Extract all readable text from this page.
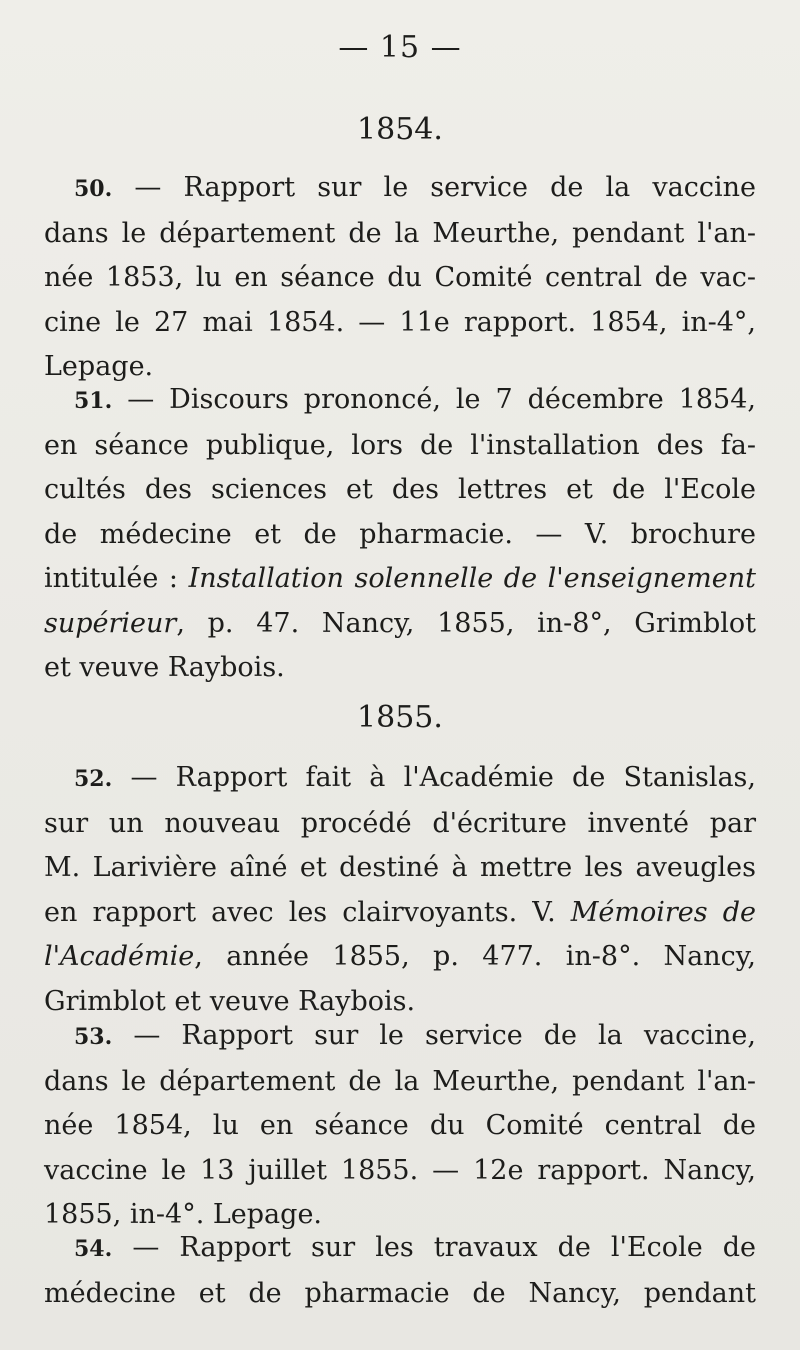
— 15 —
1854.
50. — Rapport sur le service de la vaccine
dans le département de la Meurthe, pendant l'an-
née 1853, lu en séance du Comité central de vac-
cine le 27 mai 1854. — 11e rapport. 1854, in-4°,
Lepage.
51. — Discours prononcé, le 7 décembre 1854,
en séance publique, lors de l'installation des fa-
cultés des sciences et des lettres et de l'Ecole
de médecine et de pharmacie. — V. brochure
intitulée : Installation solennelle de l'enseignement
supérieur, p. 47. Nancy, 1855, in-8°, Grimblot
et veuve Raybois.
1855.
52. — Rapport fait à l'Académie de Stanislas,
sur un nouveau procédé d'écriture inventé par
M. Larivière aîné et destiné à mettre les aveugles
en rapport avec les clairvoyants. V. Mémoires de
l'Académie, année 1855, p. 477. in-8°. Nancy,
Grimblot et veuve Raybois.
53. — Rapport sur le service de la vaccine,
dans le département de la Meurthe, pendant l'an-
née 1854, lu en séance du Comité central de
vaccine le 13 juillet 1855. — 12e rapport. Nancy,
1855, in-4°. Lepage.
54. — Rapport sur les travaux de l'Ecole de
médecine et de pharmacie de Nancy, pendant
